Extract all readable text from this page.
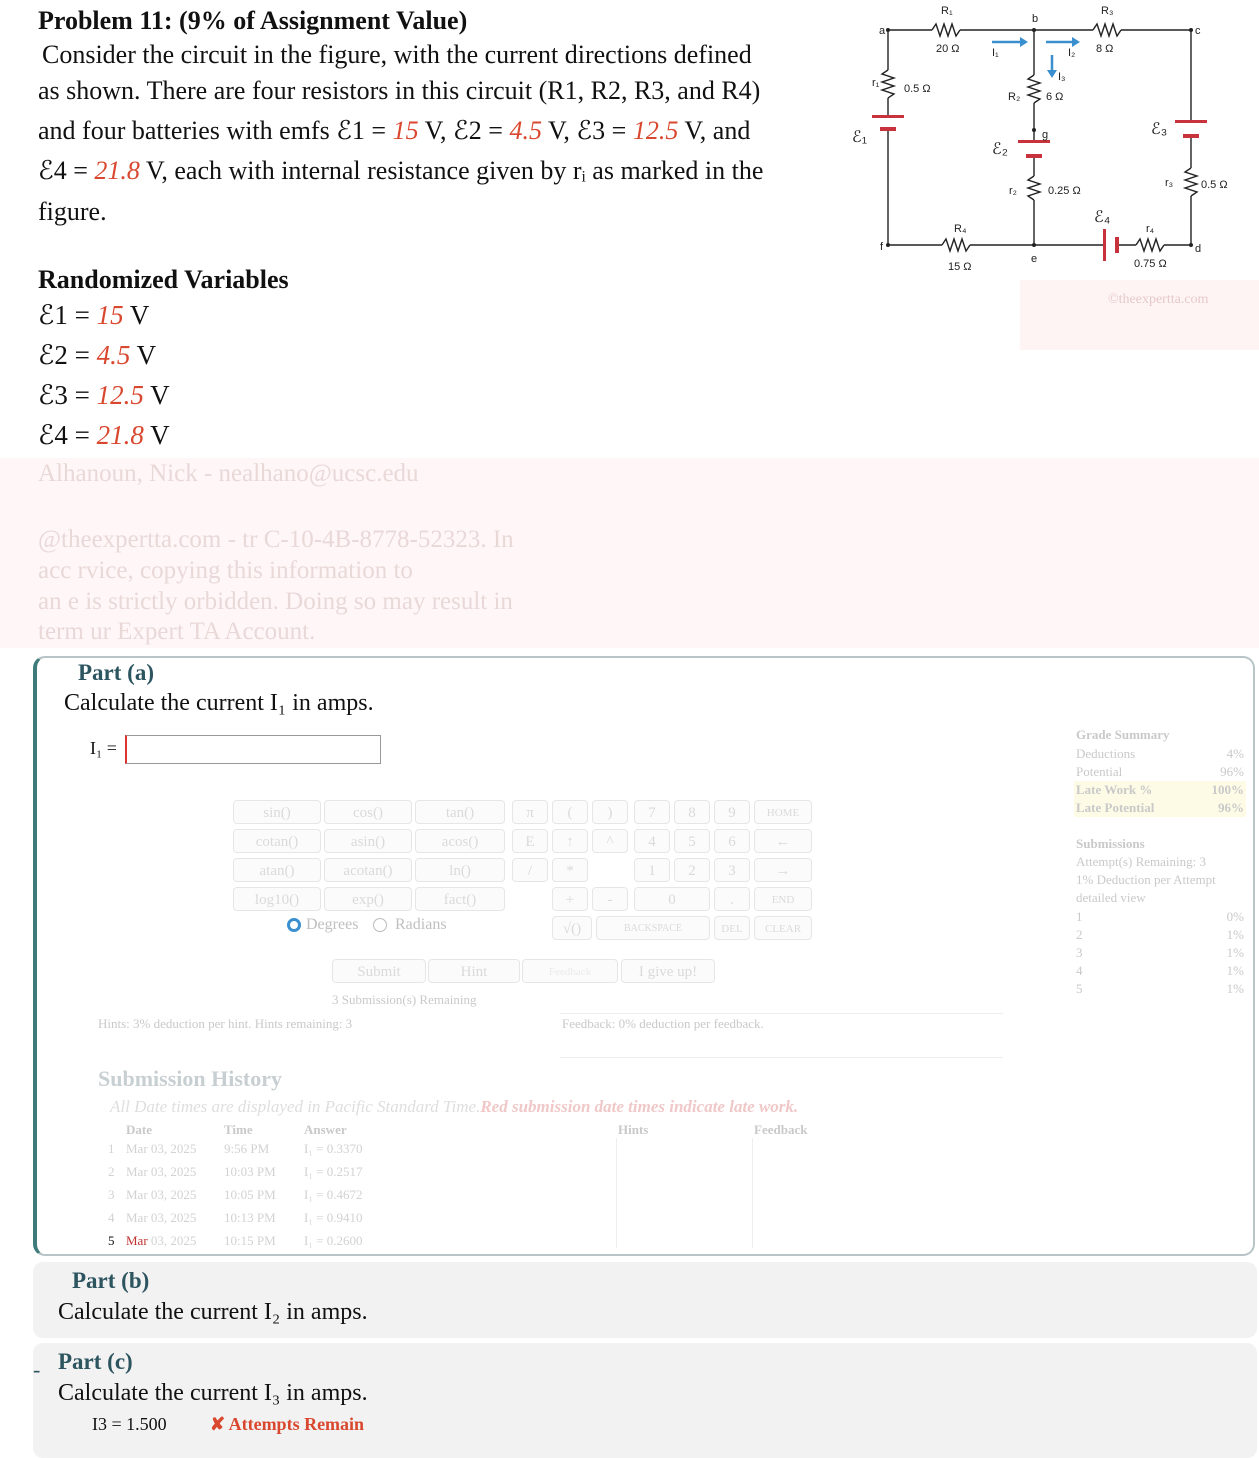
Problem 11: (9% of Assignment Value)
Consider the circuit in the figure, with the current directions defined
as shown. There are four resistors in this circuit (R1, R2, R3, and R4)
and four batteries with emfs ℰ1 = 15 V, ℰ2 = 4.5 V, ℰ3 = 12.5 V, and
ℰ4 = 21.8 V, each with internal resistance given by rᵢ as marked in the
figure.
a
b
c
d
e
f
g
R₁
20 Ω
R₂ 6 Ω
R₃
8 Ω
R₄
15 Ω
r₁ 0.5 Ω
r₂	0.25 Ω
r₃	0.5 Ω
r₄
0.75 Ω
I₁	I₂
I₃
ℰ₁
ℰ₂
ℰ₃
ℰ₄
©theexpertta.com
Randomized Variables
ℰ1 = 15 V
ℰ2 = 4.5 V
ℰ3 = 12.5 V
ℰ4 = 21.8 V
Alhanoun, Nick - nealhano@ucsc.edu
@theexpertta.com - tr C-10-4B-8778-52323. In
acc rvice, copying this information to
an e is strictly orbidden. Doing so may result in
term ur Expert TA Account.
Part (a)
Calculate the current I₁ in amps.
I₁ =
sin()	cos()	tan()
cotan()	asin()	acos()
atan()	acotan()	ln()
log10()	exp()	fact()
π	(	)	7	8	9	HOME
E	↑	^	4	5	6	←
/	*	1	2	3	→
+	-	0	.	END
√()	BACKSPACE	DEL	CLEAR
Degrees Radians
Submit	Hint	Feedback	I give up!
3 Submission(s) Remaining
Hints: 3% deduction per hint. Hints remaining: 3	Feedback: 0% deduction per feedback.
Grade Summary
Deductions	4%
Potential	96%
Late Work %	100%
Late Potential	96%
Submissions
Attempt(s) Remaining: 3
1% Deduction per Attempt
detailed view
1	0%
2	1%
3	1%
4	1%
5	1%
Submission History
All Date times are displayed in Pacific Standard Time.Red submission date times indicate late work.
Date	Time	Answer	Hints	Feedback
1 Mar 03, 2025 9:56 PM	I₁ = 0.3370
2 Mar 03, 2025 10:03 PM I₁ = 0.2517
3 Mar 03, 2025 10:05 PM I₁ = 0.4672
4 Mar 03, 2025 10:13 PM I₁ = 0.9410
5 Mar 03, 2025 10:15 PM I₁ = 0.2600
Part (b)
Calculate the current I₂ in amps.
- Part (c)
Calculate the current I₃ in amps.
I3 = 1.500 ✘ Attempts Remain
